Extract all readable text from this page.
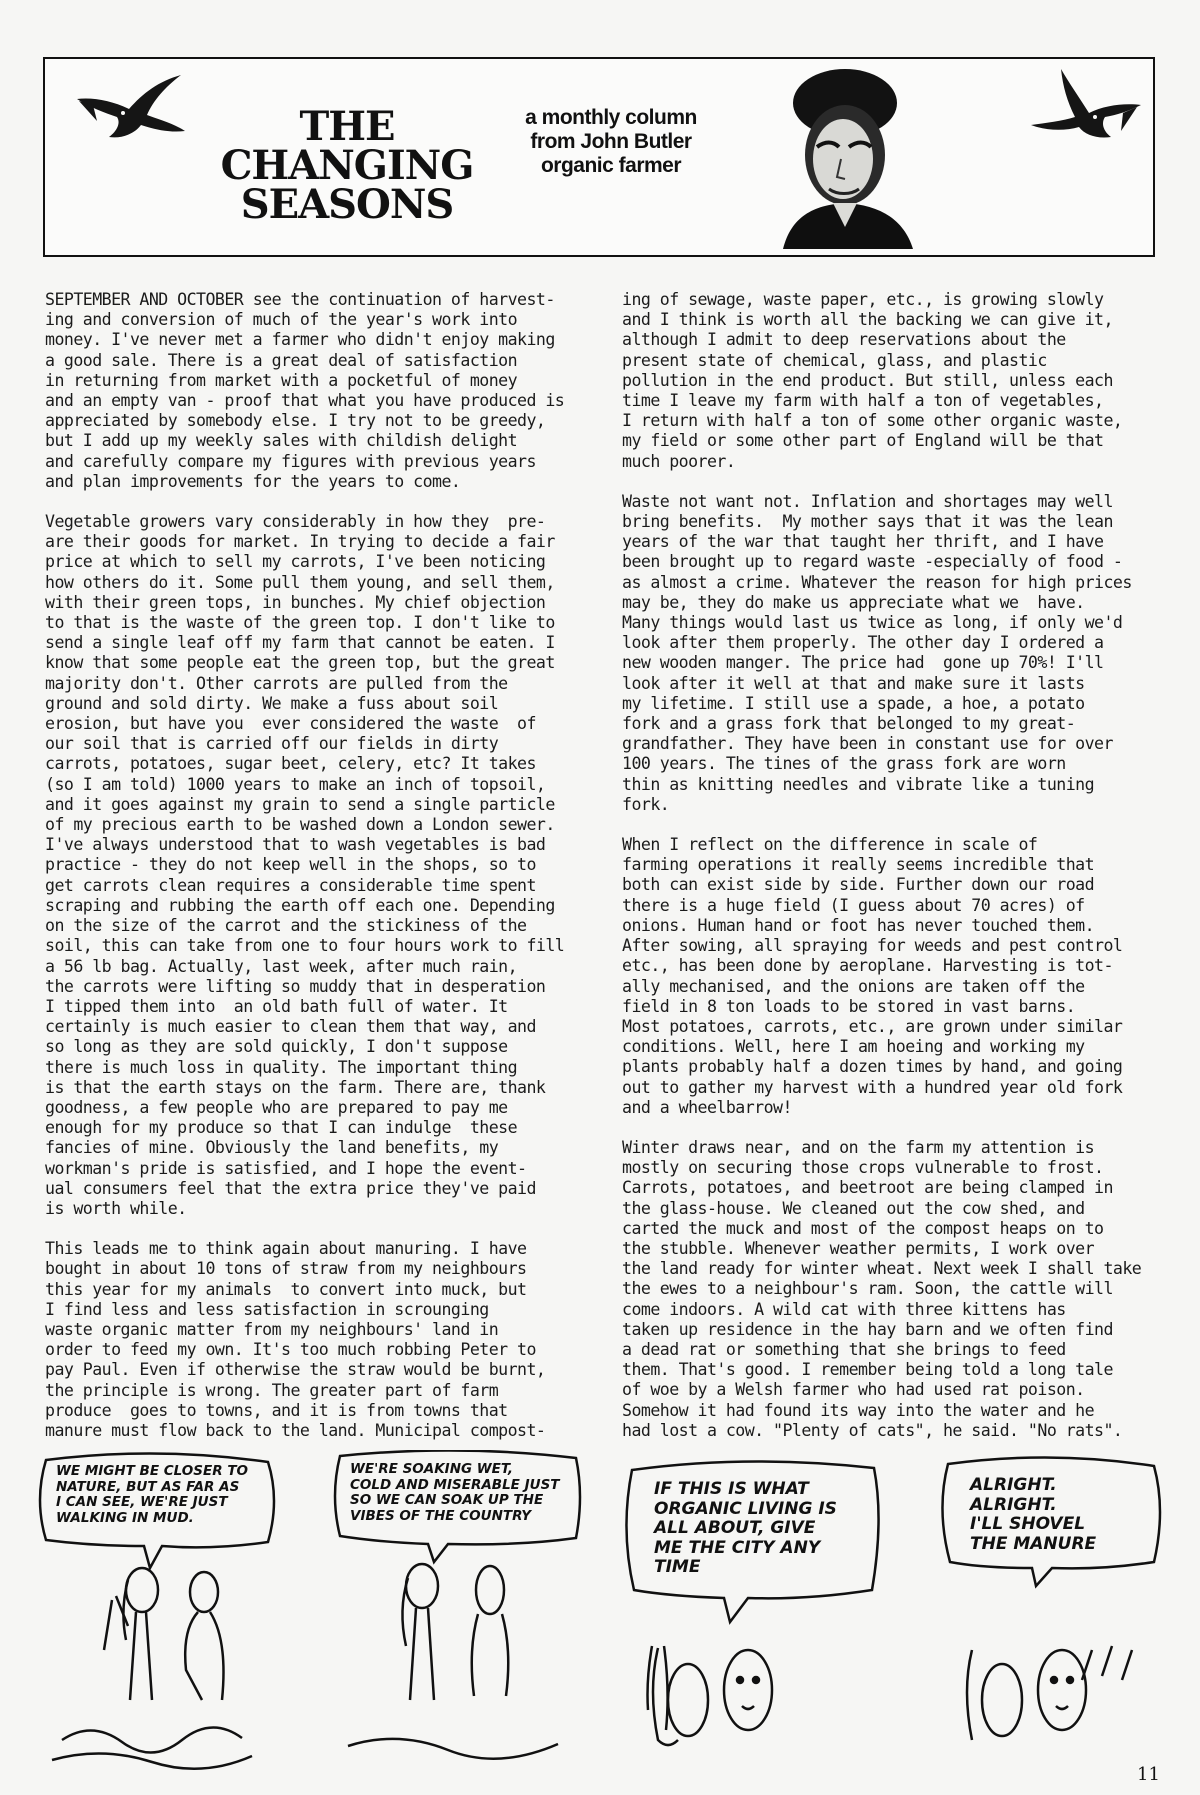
THE
CHANGING
SEASONS
a monthly column
from John Butler
organic farmer

SEPTEMBER AND OCTOBER see the continuation of harvest-
ing and conversion of much of the year's work into
money. I've never met a farmer who didn't enjoy making
a good sale. There is a great deal of satisfaction
in returning from market with a pocketful of money
and an empty van - proof that what you have produced is
appreciated by somebody else. I try not to be greedy,
but I add up my weekly sales with childish delight
and carefully compare my figures with previous years
and plan improvements for the years to come.

Vegetable growers vary considerably in how they  pre-
are their goods for market. In trying to decide a fair
price at which to sell my carrots, I've been noticing
how others do it. Some pull them young, and sell them,
with their green tops, in bunches. My chief objection
to that is the waste of the green top. I don't like to
send a single leaf off my farm that cannot be eaten. I
know that some people eat the green top, but the great
majority don't. Other carrots are pulled from the
ground and sold dirty. We make a fuss about soil
erosion, but have you  ever considered the waste  of
our soil that is carried off our fields in dirty
carrots, potatoes, sugar beet, celery, etc? It takes
(so I am told) 1000 years to make an inch of topsoil,
and it goes against my grain to send a single particle
of my precious earth to be washed down a London sewer.
I've always understood that to wash vegetables is bad
practice - they do not keep well in the shops, so to
get carrots clean requires a considerable time spent
scraping and rubbing the earth off each one. Depending
on the size of the carrot and the stickiness of the
soil, this can take from one to four hours work to fill
a 56 lb bag. Actually, last week, after much rain,
the carrots were lifting so muddy that in desperation
I tipped them into  an old bath full of water. It
certainly is much easier to clean them that way, and
so long as they are sold quickly, I don't suppose
there is much loss in quality. The important thing
is that the earth stays on the farm. There are, thank
goodness, a few people who are prepared to pay me
enough for my produce so that I can indulge  these
fancies of mine. Obviously the land benefits, my
workman's pride is satisfied, and I hope the event-
ual consumers feel that the extra price they've paid
is worth while.

This leads me to think again about manuring. I have
bought in about 10 tons of straw from my neighbours
this year for my animals  to convert into muck, but
I find less and less satisfaction in scrounging
waste organic matter from my neighbours' land in
order to feed my own. It's too much robbing Peter to
pay Paul. Even if otherwise the straw would be burnt,
the principle is wrong. The greater part of farm
produce  goes to towns, and it is from towns that
manure must flow back to the land. Municipal compost-

ing of sewage, waste paper, etc., is growing slowly
and I think is worth all the backing we can give it,
although I admit to deep reservations about the
present state of chemical, glass, and plastic
pollution in the end product. But still, unless each
time I leave my farm with half a ton of vegetables,
I return with half a ton of some other organic waste,
my field or some other part of England will be that
much poorer.

Waste not want not. Inflation and shortages may well
bring benefits.  My mother says that it was the lean
years of the war that taught her thrift, and I have
been brought up to regard waste -especially of food -
as almost a crime. Whatever the reason for high prices
may be, they do make us appreciate what we  have.
Many things would last us twice as long, if only we'd
look after them properly. The other day I ordered a
new wooden manger. The price had  gone up 70%! I'll
look after it well at that and make sure it lasts
my lifetime. I still use a spade, a hoe, a potato
fork and a grass fork that belonged to my great-
grandfather. They have been in constant use for over
100 years. The tines of the grass fork are worn
thin as knitting needles and vibrate like a tuning
fork.

When I reflect on the difference in scale of
farming operations it really seems incredible that
both can exist side by side. Further down our road
there is a huge field (I guess about 70 acres) of
onions. Human hand or foot has never touched them.
After sowing, all spraying for weeds and pest control
etc., has been done by aeroplane. Harvesting is tot-
ally mechanised, and the onions are taken off the
field in 8 ton loads to be stored in vast barns.
Most potatoes, carrots, etc., are grown under similar
conditions. Well, here I am hoeing and working my
plants probably half a dozen times by hand, and going
out to gather my harvest with a hundred year old fork
and a wheelbarrow!

Winter draws near, and on the farm my attention is
mostly on securing those crops vulnerable to frost.
Carrots, potatoes, and beetroot are being clamped in
the glass-house. We cleaned out the cow shed, and
carted the muck and most of the compost heaps on to
the stubble. Whenever weather permits, I work over
the land ready for winter wheat. Next week I shall take
the ewes to a neighbour's ram. Soon, the cattle will
come indoors. A wild cat with three kittens has
taken up residence in the hay barn and we often find
a dead rat or something that she brings to feed
them. That's good. I remember being told a long tale
of woe by a Welsh farmer who had used rat poison.
Somehow it had found its way into the water and he
had lost a cow. "Plenty of cats", he said. "No rats".

WE MIGHT BE CLOSER TO
NATURE, BUT AS FAR AS
I CAN SEE, WE'RE JUST
WALKING IN MUD.
WE'RE SOAKING WET,
COLD AND MISERABLE JUST
SO WE CAN SOAK UP THE
VIBES OF THE COUNTRY
IF THIS IS WHAT
ORGANIC LIVING IS
ALL ABOUT, GIVE
ME THE CITY ANY
TIME
ALRIGHT.
ALRIGHT.
I'LL SHOVEL
THE MANURE
11
